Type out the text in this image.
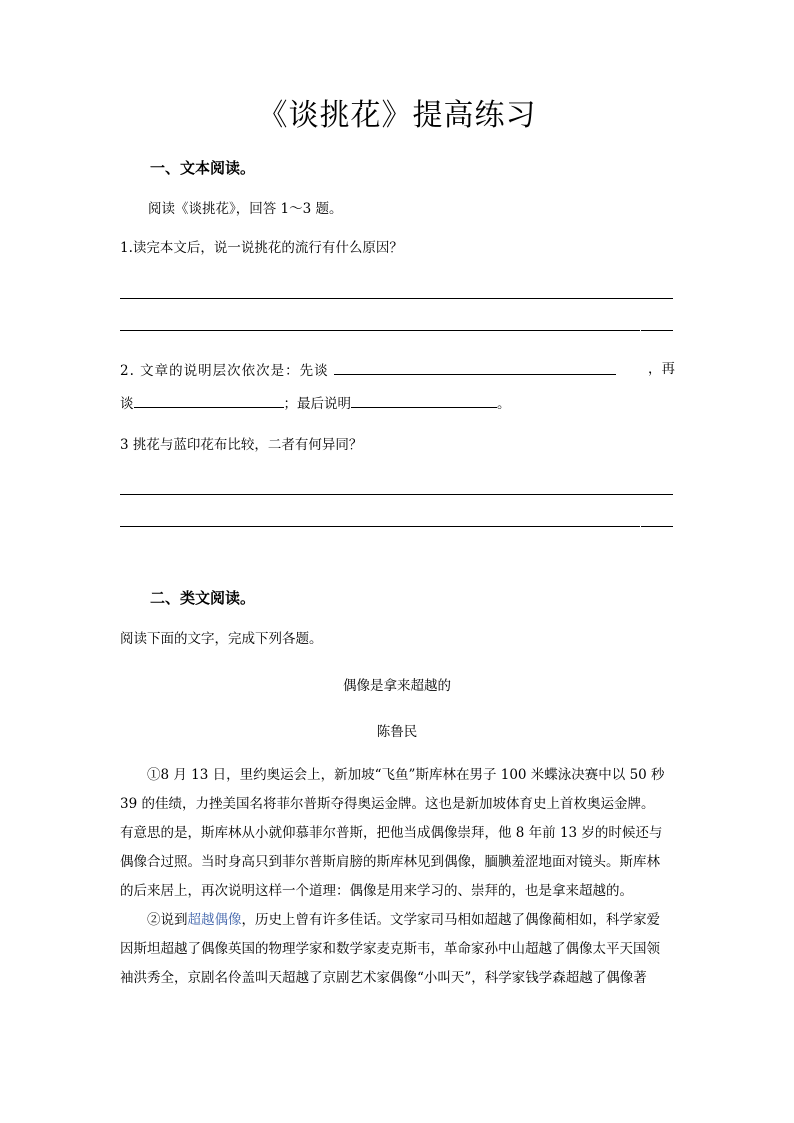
《谈挑花》提高练习
一、文本阅读。
阅读《谈挑花》，回答 1～3 题。
1.读完本文后，说一说挑花的流行有什么原因？
2. 文章的说明层次依次是：先谈	，再
谈	；最后说明	。
3 挑花与蓝印花布比较，二者有何异同？
二、类文阅读。
阅读下面的文字，完成下列各题。
偶像是拿来超越的
陈鲁民
①8 月 13 日，里约奥运会上，新加坡“飞鱼”斯库林在男子 100 米蝶泳决赛中以 50 秒
39 的佳绩，力挫美国名将菲尔普斯夺得奥运金牌。这也是新加坡体育史上首枚奥运金牌。
有意思的是，斯库林从小就仰慕菲尔普斯，把他当成偶像崇拜，他 8 年前 13 岁的时候还与
偶像合过照。当时身高只到菲尔普斯肩膀的斯库林见到偶像，腼腆羞涩地面对镜头。斯库林
的后来居上，再次说明这样一个道理：偶像是用来学习的、崇拜的，也是拿来超越的。
②说到超越偶像，历史上曾有许多佳话。文学家司马相如超越了偶像蔺相如，科学家爱
因斯坦超越了偶像英国的物理学家和数学家麦克斯韦，革命家孙中山超越了偶像太平天国领
袖洪秀全，京剧名伶盖叫天超越了京剧艺术家偶像“小叫天”，科学家钱学森超越了偶像著
